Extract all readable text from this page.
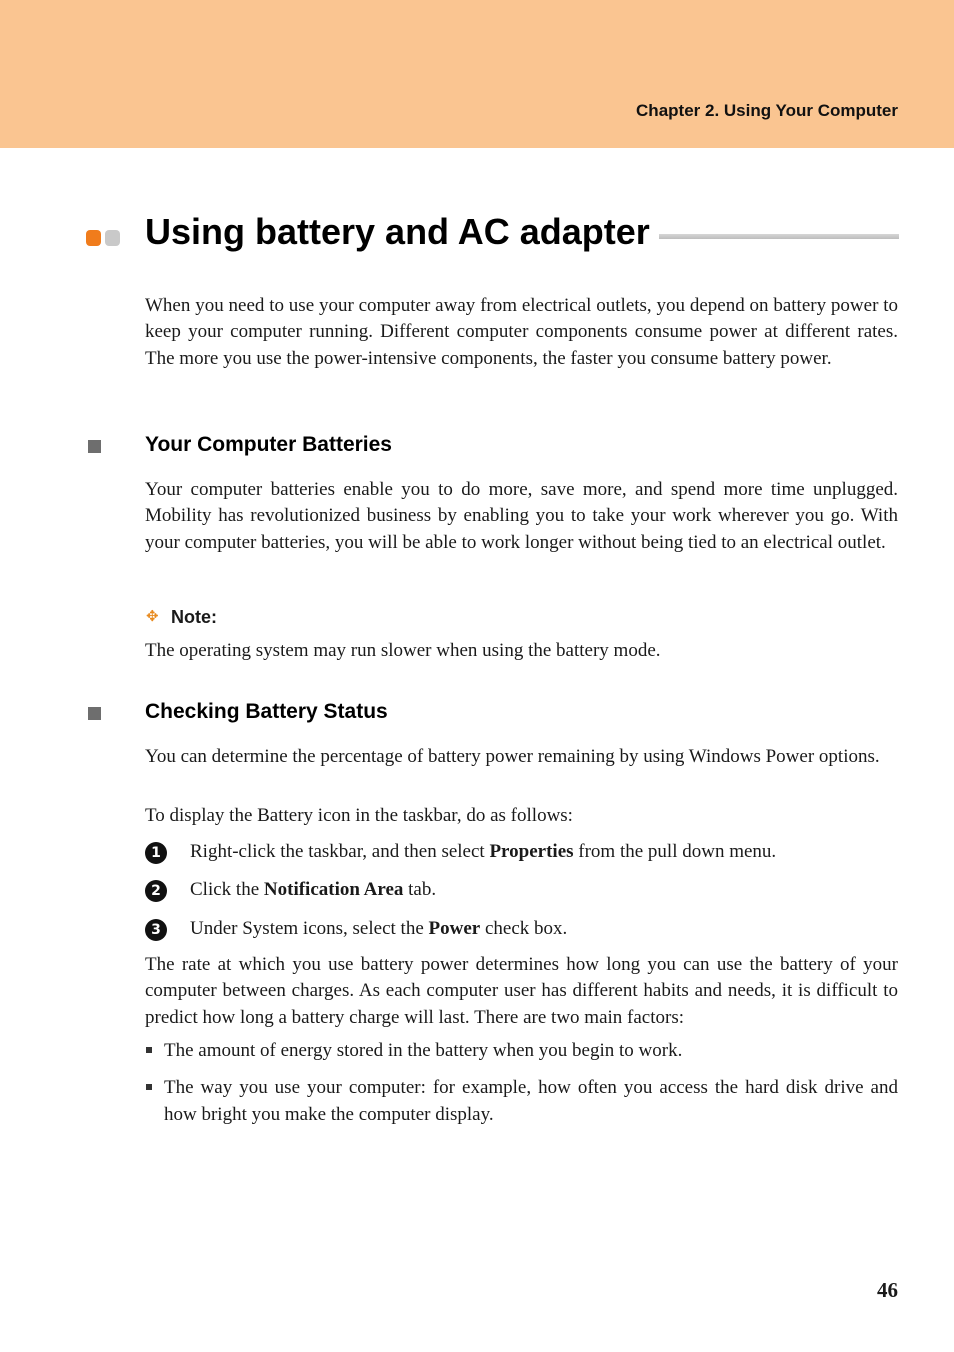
Chapter 2. Using Your Computer
Using battery and AC adapter

When you need to use your computer away from electrical outlets, you depend on battery power to keep your computer running. Different computer components consume power at different rates. The more you use the power-intensive components, the faster you consume battery power.

Your Computer Batteries

Your computer batteries enable you to do more, save more, and spend more time unplugged. Mobility has revolutionized business by enabling you to take your work wherever you go. With your computer batteries, you will be able to work longer without being tied to an electrical outlet.

✥ Note:

The operating system may run slower when using the battery mode.

Checking Battery Status

You can determine the percentage of battery power remaining by using Windows Power options.

To display the Battery icon in the taskbar, do as follows:

1	Right-click the taskbar, and then select Properties from the pull down menu.

2	Click the Notification Area tab.

3	Under System icons, select the Power check box.

The rate at which you use battery power determines how long you can use the battery of your computer between charges. As each computer user has different habits and needs, it is difficult to predict how long a battery charge will last. There are two main factors:

The amount of energy stored in the battery when you begin to work.

The way you use your computer: for example, how often you access the hard disk drive and how bright you make the computer display.

46
